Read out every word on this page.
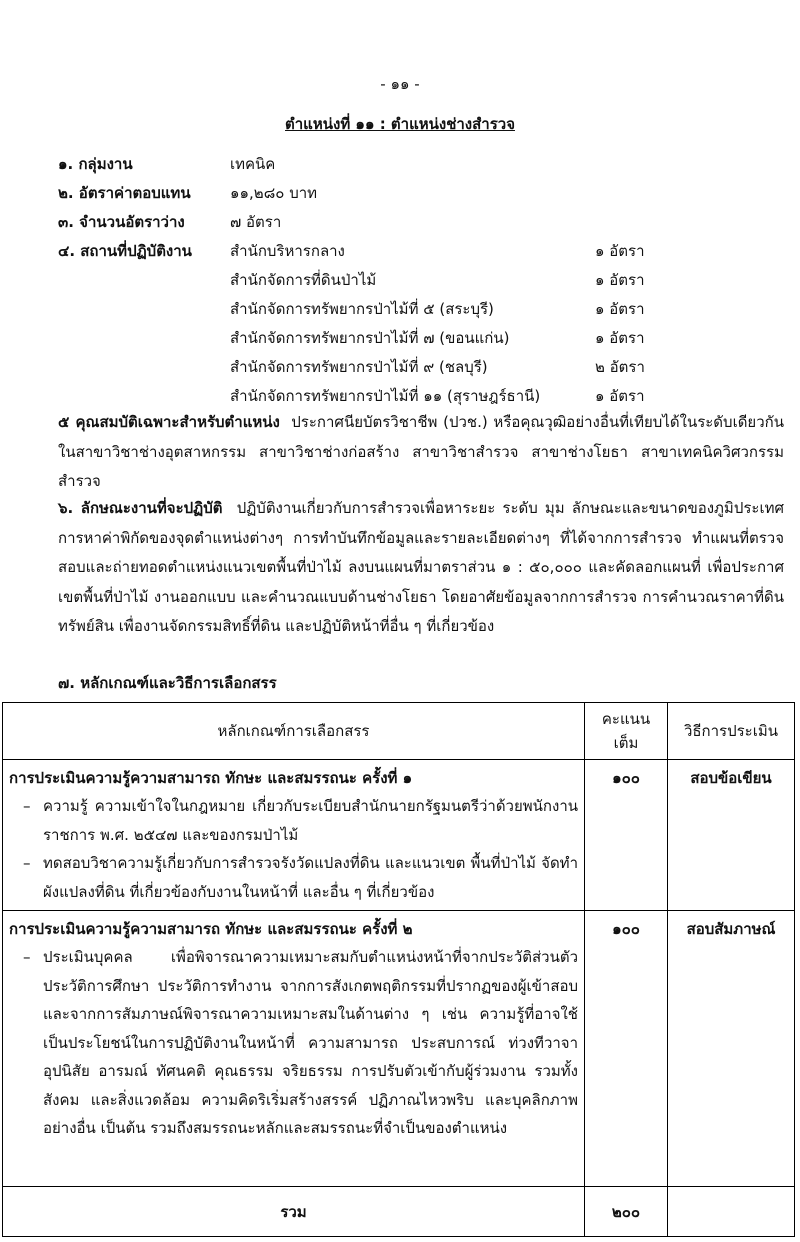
- ๑๑ -
ตำแหน่งที่ ๑๑ : ตำแหน่งช่างสำรวจ
๑. กลุ่มงาน	เทคนิค
๒. อัตราค่าตอบแทน	๑๑,๒๘๐ บาท
๓. จำนวนอัตราว่าง	๗ อัตรา
๔. สถานที่ปฏิบัติงาน	สำนักบริหารกลาง	๑ อัตรา
สำนักจัดการที่ดินป่าไม้	๑ อัตรา
สำนักจัดการทรัพยากรป่าไม้ที่ ๕ (สระบุรี)	๑ อัตรา
สำนักจัดการทรัพยากรป่าไม้ที่ ๗ (ขอนแก่น)	๑ อัตรา
สำนักจัดการทรัพยากรป่าไม้ที่ ๙ (ชลบุรี)	๒ อัตรา
สำนักจัดการทรัพยากรป่าไม้ที่ ๑๑ (สุราษฎร์ธานี)	๑ อัตรา
๕ คุณสมบัติเฉพาะสำหรับตำแหน่ง ประกาศนียบัตรวิชาชีพ (ปวช.) หรือคุณวุฒิอย่างอื่นที่เทียบได้ในระดับเดียวกัน ในสาขาวิชาช่างอุตสาหกรรม สาขาวิชาช่างก่อสร้าง สาขาวิชาสำรวจ สาขาช่างโยธา สาขาเทคนิควิศวกรรมสำรวจ
๖. ลักษณะงานที่จะปฏิบัติ ปฏิบัติงานเกี่ยวกับการสำรวจเพื่อหาระยะ ระดับ มุม ลักษณะและขนาดของภูมิประเทศ การหาค่าพิกัดของจุดตำแหน่งต่างๆ การทำบันทึกข้อมูลและรายละเอียดต่างๆ ที่ได้จากการสำรวจ ทำแผนที่ตรวจสอบและถ่ายทอดตำแหน่งแนวเขตพื้นที่ป่าไม้ ลงบนแผนที่มาตราส่วน ๑ : ๕๐,๐๐๐ และคัดลอกแผนที่ เพื่อประกาศเขตพื้นที่ป่าไม้ งานออกแบบ และคำนวณแบบด้านช่างโยธา โดยอาศัยข้อมูลจากการสำรวจ การคำนวณราคาที่ดิน ทรัพย์สิน เพื่องานจัดกรรมสิทธิ์ที่ดิน และปฏิบัติหน้าที่อื่น ๆ ที่เกี่ยวข้อง
๗. หลักเกณฑ์และวิธีการเลือกสรร
หลักเกณฑ์การเลือกสรร	คะแนนเต็ม	วิธีการประเมิน

การประเมินความรู้ความสามารถ ทักษะ และสมรรถนะ ครั้งที่ ๑
– ความรู้ ความเข้าใจในกฎหมาย เกี่ยวกับระเบียบสำนักนายกรัฐมนตรีว่าด้วยพนักงานราชการ พ.ศ. ๒๕๔๗ และของกรมป่าไม้
– ทดสอบวิชาความรู้เกี่ยวกับการสำรวจรังวัดแปลงที่ดิน และแนวเขต พื้นที่ป่าไม้ จัดทำผังแปลงที่ดิน ที่เกี่ยวข้องกับงานในหน้าที่ และอื่น ๆ ที่เกี่ยวข้อง	๑๐๐	สอบข้อเขียน

การประเมินความรู้ความสามารถ ทักษะ และสมรรถนะ ครั้งที่ ๒
– ประเมินบุคคล เพื่อพิจารณาความเหมาะสมกับตำแหน่งหน้าที่จากประวัติส่วนตัวประวัติการศึกษา ประวัติการทำงาน จากการสังเกตพฤติกรรมที่ปรากฏของผู้เข้าสอบและจากการสัมภาษณ์พิจารณาความเหมาะสมในด้านต่าง ๆ เช่น ความรู้ที่อาจใช้เป็นประโยชน์ในการปฏิบัติงานในหน้าที่ ความสามารถ ประสบการณ์ ท่วงทีวาจา อุปนิสัย อารมณ์ ทัศนคติ คุณธรรม จริยธรรม การปรับตัวเข้ากับผู้ร่วมงาน รวมทั้งสังคม และสิ่งแวดล้อม ความคิดริเริ่มสร้างสรรค์ ปฏิภาณไหวพริบ และบุคลิกภาพอย่างอื่น เป็นต้น รวมถึงสมรรถนะหลักและสมรรถนะที่จำเป็นของตำแหน่ง	๑๐๐	สอบสัมภาษณ์
รวม	๒๐๐	
